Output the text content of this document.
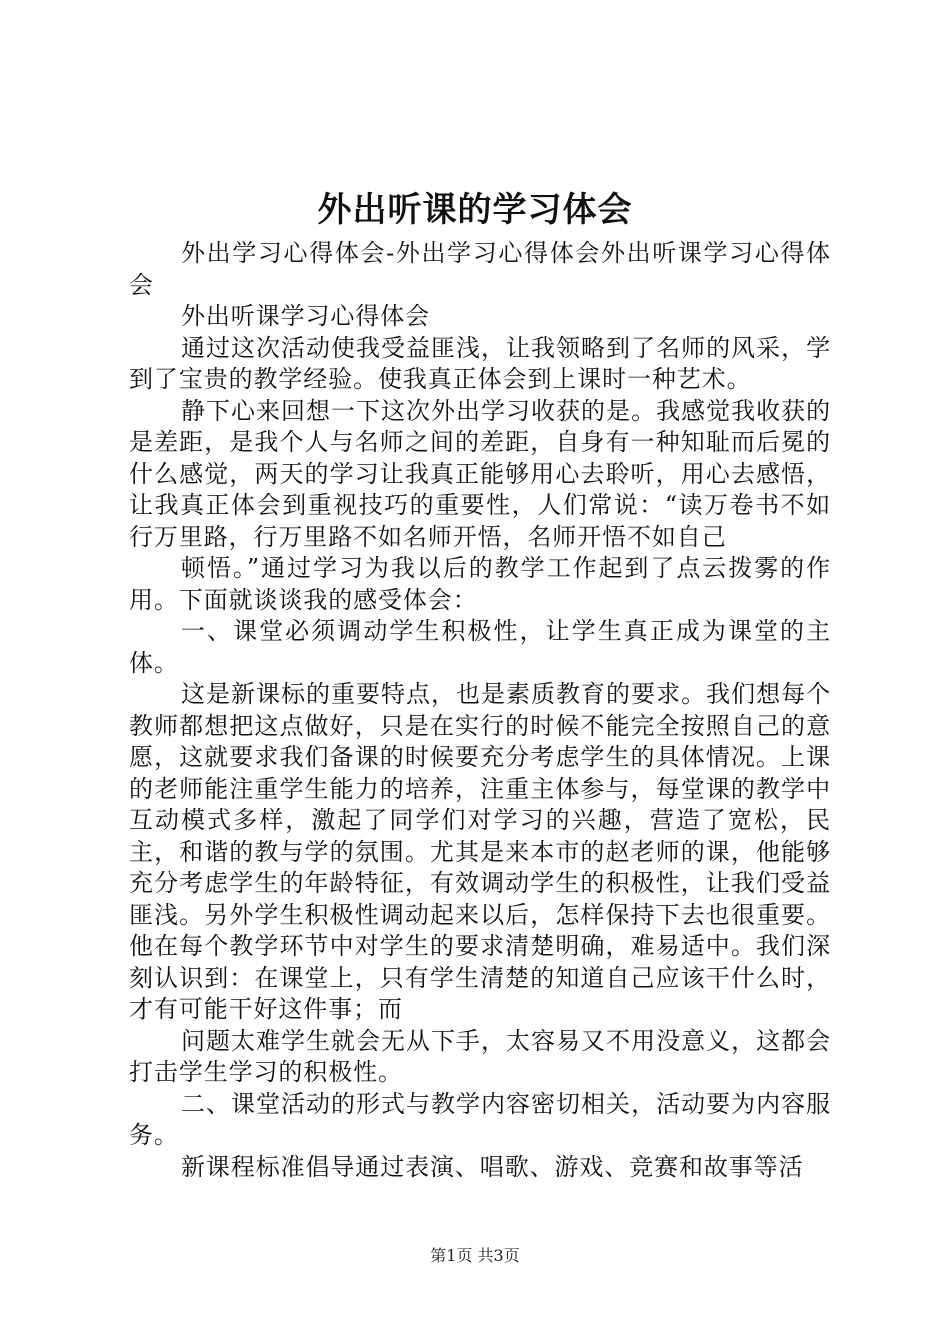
外出听课的学习体会

外出学习心得体会-外出学习心得体会外出听课学习心得体会

外出听课学习心得体会

通过这次活动使我受益匪浅，让我领略到了名师的风采，学到了宝贵的教学经验。使我真正体会到上课时一种艺术。

静下心来回想一下这次外出学习收获的是。我感觉我收获的是差距，是我个人与名师之间的差距，自身有一种知耻而后冕的什么感觉，两天的学习让我真正能够用心去聆听，用心去感悟，让我真正体会到重视技巧的重要性，人们常说：“读万卷书不如行万里路，行万里路不如名师开悟，名师开悟不如自己

顿悟。”通过学习为我以后的教学工作起到了点云拨雾的作用。下面就谈谈我的感受体会：

一、课堂必须调动学生积极性，让学生真正成为课堂的主体。

这是新课标的重要特点，也是素质教育的要求。我们想每个教师都想把这点做好，只是在实行的时候不能完全按照自己的意愿，这就要求我们备课的时候要充分考虑学生的具体情况。上课的老师能注重学生能力的培养，注重主体参与，每堂课的教学中互动模式多样，激起了同学们对学习的兴趣，营造了宽松，民主，和谐的教与学的氛围。尤其是来本市的赵老师的课，他能够充分考虑学生的年龄特征，有效调动学生的积极性，让我们受益匪浅。另外学生积极性调动起来以后，怎样保持下去也很重要。他在每个教学环节中对学生的要求清楚明确，难易适中。我们深刻认识到：在课堂上，只有学生清楚的知道自己应该干什么时，才有可能干好这件事；而

问题太难学生就会无从下手，太容易又不用没意义，这都会打击学生学习的积极性。

二、课堂活动的形式与教学内容密切相关，活动要为内容服务。

新课程标准倡导通过表演、唱歌、游戏、竞赛和故事等活

第1页 共3页
